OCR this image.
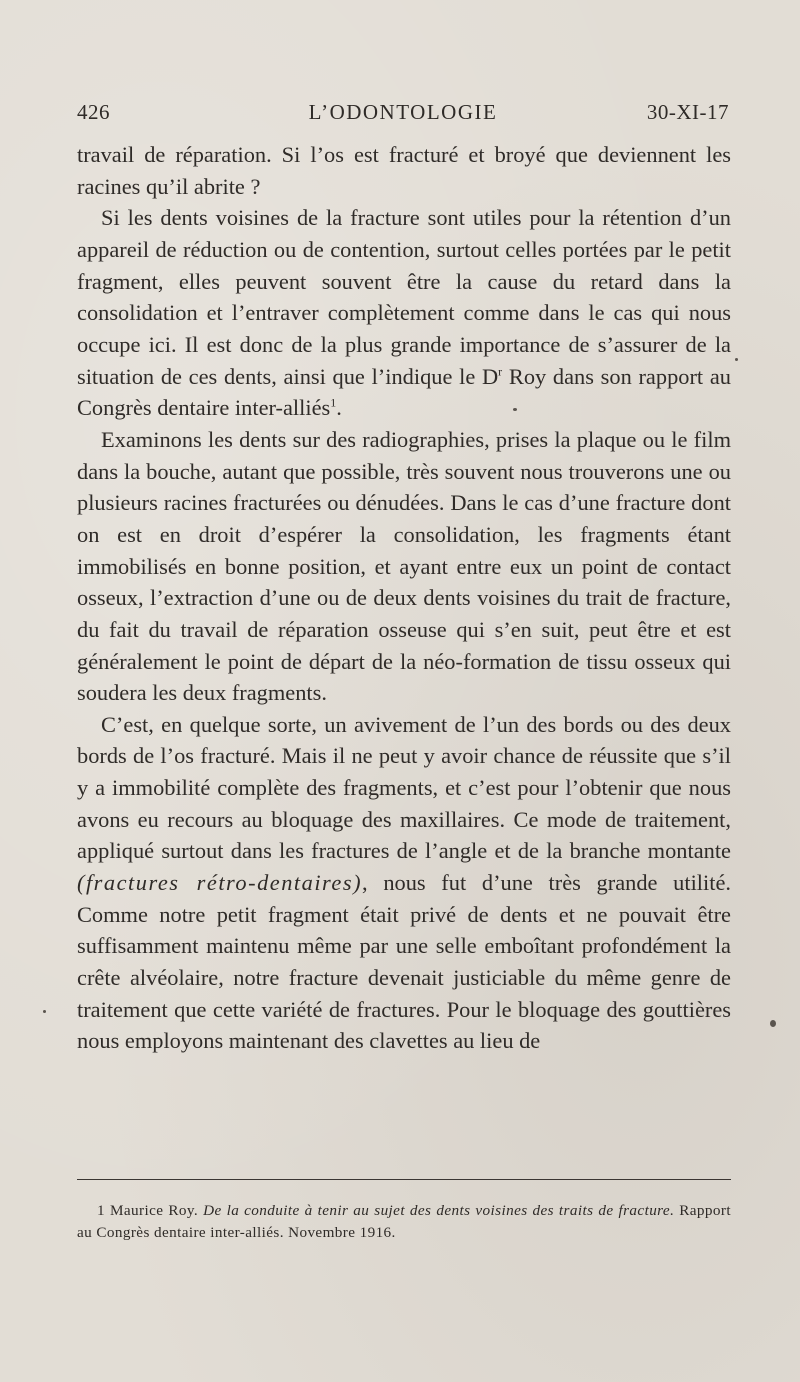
426	L’ODONTOLOGIE	30-XI-17

travail de réparation. Si l’os est fracturé et broyé que deviennent les racines qu’il abrite ?

Si les dents voisines de la fracture sont utiles pour la rétention d’un appareil de réduction ou de contention, surtout celles portées par le petit fragment, elles peuvent souvent être la cause du retard dans la consolidation et l’entraver complètement comme dans le cas qui nous occupe ici. Il est donc de la plus grande importance de s’assurer de la situation de ces dents, ainsi que l’indique le $D^r$ Roy dans son rapport au Congrès dentaire inter-alliés$^1$.

Examinons les dents sur des radiographies, prises la plaque ou le film dans la bouche, autant que possible, très souvent nous trouverons une ou plusieurs racines fracturées ou dénudées. Dans le cas d’une fracture dont on est en droit d’espérer la consolidation, les fragments étant immobilisés en bonne position, et ayant entre eux un point de contact osseux, l’extraction d’une ou de deux dents voisines du trait de fracture, du fait du travail de réparation osseuse qui s’en suit, peut être et est généralement le point de départ de la néo-formation de tissu osseux qui soudera les deux fragments.

C’est, en quelque sorte, un avivement de l’un des bords ou des deux bords de l’os fracturé. Mais il ne peut y avoir chance de réussite que s’il y a immobilité complète des fragments, et c’est pour l’obtenir que nous avons eu recours au bloquage des maxillaires. Ce mode de traitement, appliqué surtout dans les fractures de l’angle et de la branche montante (fractures rétro-dentaires), nous fut d’une très grande utilité. Comme notre petit fragment était privé de dents et ne pouvait être suffisamment maintenu même par une selle emboîtant profondément la crête alvéolaire, notre fracture devenait justiciable du même genre de traitement que cette variété de fractures. Pour le bloquage des gouttières nous employons maintenant des clavettes au lieu de

1 Maurice Roy. De la conduite à tenir au sujet des dents voisines des traits de fracture. Rapport au Congrès dentaire inter-alliés. Novembre 1916.
